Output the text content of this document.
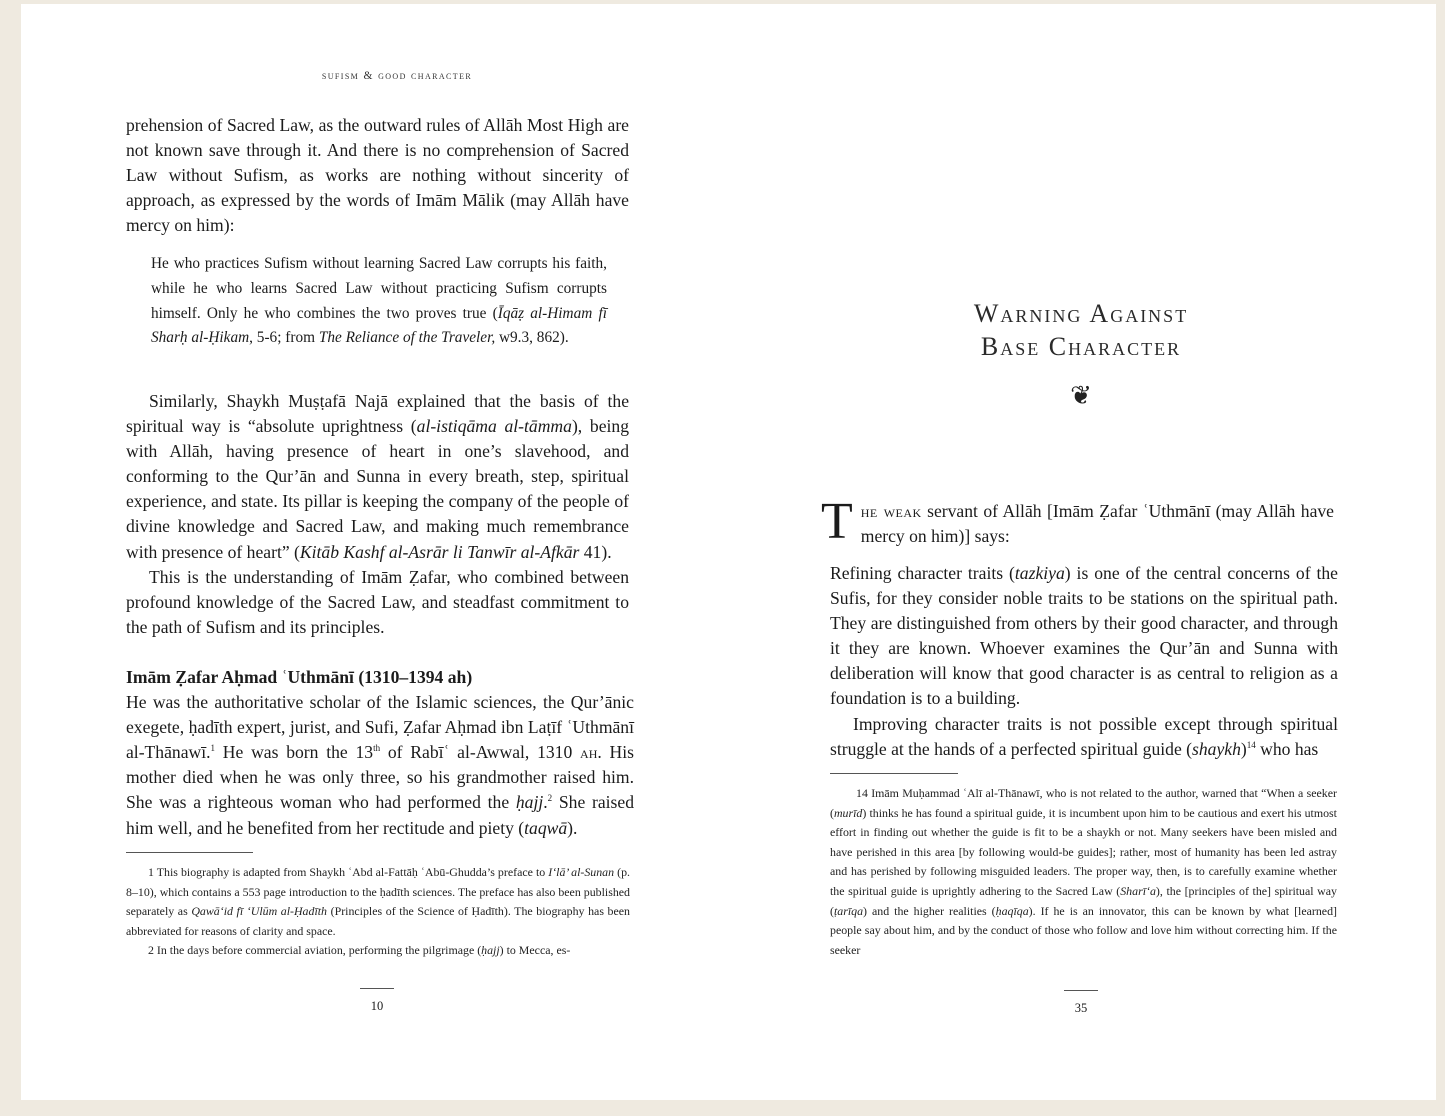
sufism & good character

prehension of Sacred Law, as the outward rules of Allāh Most High are not known save through it. And there is no comprehension of Sacred Law without Sufism, as works are nothing without sincerity of approach, as expressed by the words of Imām Mālik (may Allāh have mercy on him):

He who practices Sufism without learning Sacred Law corrupts his faith, while he who learns Sacred Law without practicing Sufism corrupts himself. Only he who combines the two proves true (Īqāẓ al-Himam fī Sharḥ al-Ḥikam, 5-6; from The Reliance of the Traveler, w9.3, 862).

Similarly, Shaykh Muṣṭafā Najā explained that the basis of the spiritual way is “absolute uprightness (al-istiqāma al-tāmma), being with Allāh, having presence of heart in one’s slavehood, and conforming to the Qur’ān and Sunna in every breath, step, spiritual experience, and state. Its pillar is keeping the company of the people of divine knowledge and Sacred Law, and making much remembrance with presence of heart” (Kitāb Kashf al-Asrār li Tanwīr al-Afkār 41).

This is the understanding of Imām Ẓafar, who combined between profound knowledge of the Sacred Law, and steadfast commitment to the path of Sufism and its principles.

Imām Ẓafar Aḥmad ʿUthmānī (1310–1394 ah)

He was the authoritative scholar of the Islamic sciences, the Qur’ānic exegete, ḥadīth expert, jurist, and Sufi, Ẓafar Aḥmad ibn Laṭīf ʿUthmānī al-Thānawī.$^1$ He was born the 13th of Rabīʿ al-Awwal, 1310 ah. His mother died when he was only three, so his grandmother raised him. She was a righteous woman who had performed the ḥajj.$^2$ She raised him well, and he benefited from her rectitude and piety (taqwā).

1 This biography is adapted from Shaykh ʿAbd al-Fattāḥ ʿAbū-Ghudda’s preface to I‘lā’ al-Sunan (p. 8–10), which contains a 553 page introduction to the ḥadīth sciences. The preface has also been published separately as Qawā‘id fī ‘Ulūm al-Ḥadīth (Principles of the Science of Ḥadīth). The biography has been abbreviated for reasons of clarity and space.

2 In the days before commercial aviation, performing the pilgrimage (ḥajj) to Mecca, es-

10
Warning Against
Base Character
❦
The weak servant of Allāh [Imām Ẓafar ʿUthmānī (may Allāh have mercy on him)] says:

Refining character traits (tazkiya) is one of the central concerns of the Sufis, for they consider noble traits to be stations on the spiritual path. They are distinguished from others by their good character, and through it they are known. Whoever examines the Qur’ān and Sunna with deliberation will know that good character is as central to religion as a foundation is to a building.

Improving character traits is not possible except through spiritual struggle at the hands of a perfected spiritual guide (shaykh)$^{14}$ who has

14 Imām Muḥammad ʿAlī al-Thānawī, who is not related to the author, warned that “When a seeker (murīd) thinks he has found a spiritual guide, it is incumbent upon him to be cautious and exert his utmost effort in finding out whether the guide is fit to be a shaykh or not. Many seekers have been misled and have perished in this area [by following would-be guides]; rather, most of humanity has been led astray and has perished by following misguided leaders. The proper way, then, is to carefully examine whether the spiritual guide is uprightly adhering to the Sacred Law (Sharī‘a), the [principles of the] spiritual way (ṭarīqa) and the higher realities (ḥaqīqa). If he is an innovator, this can be known by what [learned] people say about him, and by the conduct of those who follow and love him without correcting him. If the seeker

35
